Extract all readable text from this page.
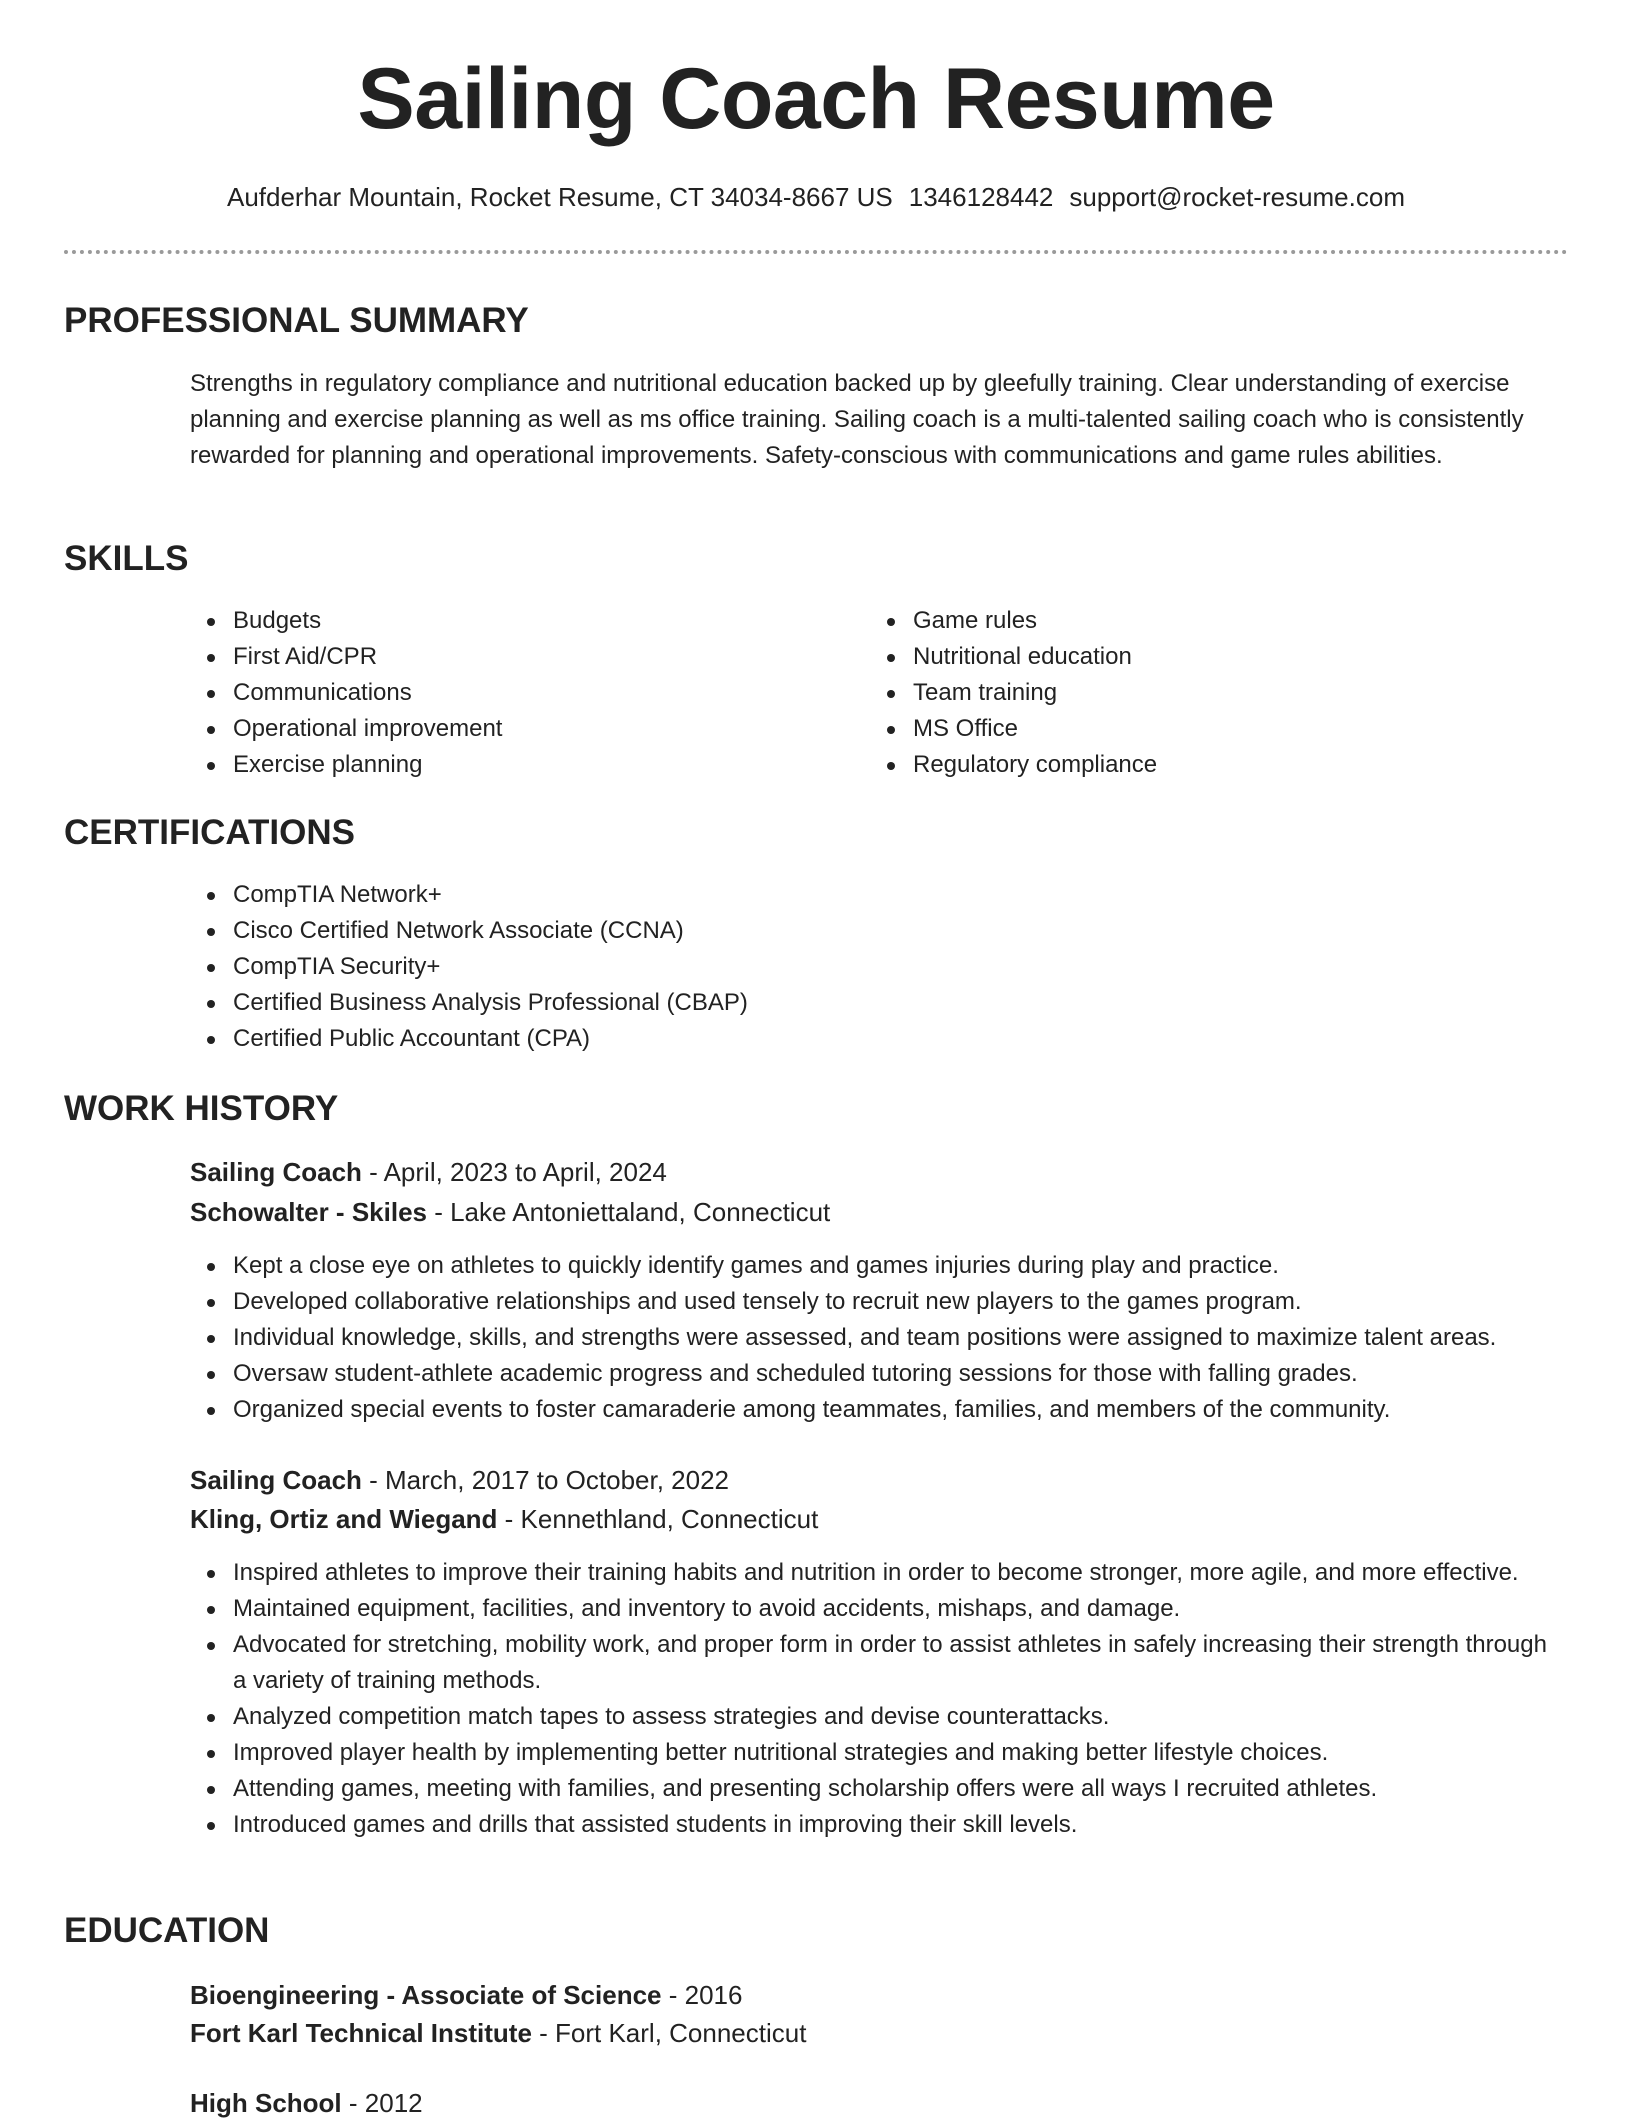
Sailing Coach Resume
Aufderhar Mountain, Rocket Resume, CT 34034-8667 US 1346128442 support@rocket-resume.com
PROFESSIONAL SUMMARY

Strengths in regulatory compliance and nutritional education backed up by gleefully training. Clear understanding of exercise planning and exercise planning as well as ms office training. Sailing coach is a multi-talented sailing coach who is consistently rewarded for planning and operational improvements. Safety-conscious with communications and game rules abilities.

SKILLS
Budgets
First Aid/CPR
Communications
Operational improvement
Exercise planning
Game rules
Nutritional education
Team training
MS Office
Regulatory compliance
CERTIFICATIONS
CompTIA Network+
Cisco Certified Network Associate (CCNA)
CompTIA Security+
Certified Business Analysis Professional (CBAP)
Certified Public Accountant (CPA)
WORK HISTORY
Sailing Coach - April, 2023 to April, 2024
Schowalter - Skiles - Lake Antoniettaland, Connecticut
Kept a close eye on athletes to quickly identify games and games injuries during play and practice.
Developed collaborative relationships and used tensely to recruit new players to the games program.
Individual knowledge, skills, and strengths were assessed, and team positions were assigned to maximize talent areas.
Oversaw student-athlete academic progress and scheduled tutoring sessions for those with falling grades.
Organized special events to foster camaraderie among teammates, families, and members of the community.
Sailing Coach - March, 2017 to October, 2022
Kling, Ortiz and Wiegand - Kennethland, Connecticut
Inspired athletes to improve their training habits and nutrition in order to become stronger, more agile, and more effective.
Maintained equipment, facilities, and inventory to avoid accidents, mishaps, and damage.
Advocated for stretching, mobility work, and proper form in order to assist athletes in safely increasing their strength through a variety of training methods.
Analyzed competition match tapes to assess strategies and devise counterattacks.
Improved player health by implementing better nutritional strategies and making better lifestyle choices.
Attending games, meeting with families, and presenting scholarship offers were all ways I recruited athletes.
Introduced games and drills that assisted students in improving their skill levels.
EDUCATION
Bioengineering - Associate of Science - 2016
Fort Karl Technical Institute - Fort Karl, Connecticut
High School - 2012
